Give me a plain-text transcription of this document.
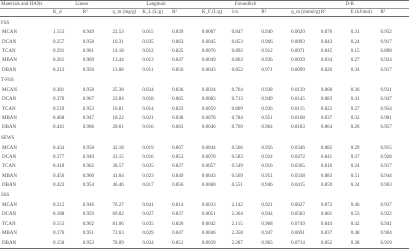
Materials and HANs	Linear		Langmuir			Freundlich			D-R			
	K_d	R²	q_m (mg/g)	K_L (L/g)	R²	K_F (L/g)	1/n	R²	q_m (mmol/g)	R²	E (kJ/mol)	R²
FSS												
MCAN	1.153	0.949	22.53	0.015	0.839	0.0067	0.847	0.940	0.0020	0.876	0.31	0.952
DCAN	0.257	0.958	10.31	0.035	0.863	0.0045	0.853	0.966	0.0093	0.843	0.24	0.917
TCAN	0.291	0.961	14.18	0.012	0.825	0.0076	0.892	0.912	0.0071	0.845	0.15	0.898
MBAN	0.261	0.969	13.44	0.013	0.847	0.0049	0.863	0.936	0.0039	0.834	0.27	0.924
DBAN	0.213	0.956	13.08	0.011	0.856	0.0043	0.852	0.971	0.0099	0.826	0.34	0.917
T-FSS												
MCAN	0.381	0.958	25.38	0.034	0.836	0.0034	0.764	0.938	0.0139	0.868	0.36	0.931
DCAN	0.370	0.967	22.84	0.018	0.865	0.0083	0.713	0.949	0.0145	0.883	0.41	0.947
TCAN	0.519	0.953	16.81	0.014	0.823	0.0059	0.809	0.936	0.0115	0.822	0.27	0.954
MBAN	0.468	0.947	18.22	0.021	0.838	0.0078	0.784	0.951	0.0168	0.837	0.32	0.981
DBAN	0.441	0.966	20.61	0.016	0.863	0.0046	0.769	0.964	0.0183	0.864	0.26	0.957
SEWS												
MCAN	0.434	0.958	42.18	0.019	0.867	0.0044	0.566	0.956	0.0346	0.882	0.29	0.915
DCAN	0.377	0.949	33.15	0.016	0.853	0.0078	0.583	0.924	0.0472	0.841	0.37	0.928
TCAN	0.418	0.962	38.57	0.035	0.827	0.0057	0.549	0.916	0.0365	0.816	0.24	0.917
MBAN	0.456	0.960	41.04	0.023	0.849	0.0043	0.569	0.951	0.0338	0.883	0.51	0.944
DBAN	0.423	0.954	46.46	0.017	0.856	0.0060	0.551	0.946	0.0415	0.859	0.34	0.963
SSS												
MCAN	0.212	0.946	76.27	0.041	0.814	0.0033	2.142	0.921	0.0627	0.872	0.46	0.937
DCAN	0.188	0.959	69.82	0.027	0.837	0.0051	2.364	0.944	0.0583	0.861	0.53	0.922
TCAN	0.153	0.962	81.06	0.035	0.826	0.0042	2.115	0.968	0.0749	0.844	0.42	0.941
MBAN	0.176	0.951	72.63	0.029	0.847	0.0046	2.358	0.947	0.0691	0.837	0.48	0.964
DBAN	0.158	0.953	78.89	0.024	0.851	0.0039	2.287	0.965	0.0714	0.852	0.38	0.919
